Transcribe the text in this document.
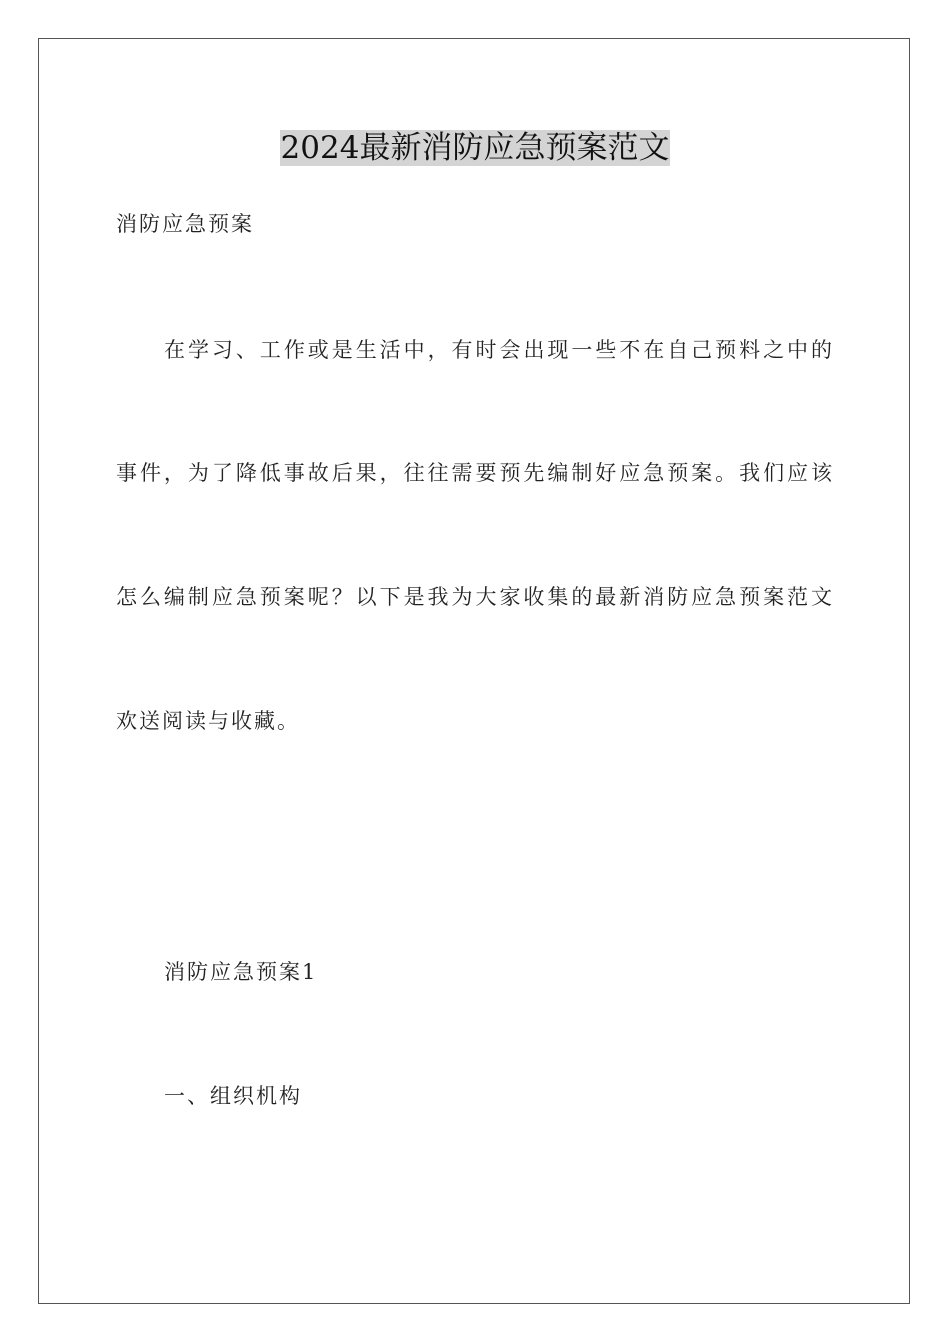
2024最新消防应急预案范文
消防应急预案
在学习、工作或是生活中，有时会出现一些不在自己预料之中的
事件，为了降低事故后果，往往需要预先编制好应急预案。我们应该
怎么编制应急预案呢？以下是我为大家收集的最新消防应急预案范文
欢送阅读与收藏。
消防应急预案1
一、组织机构
